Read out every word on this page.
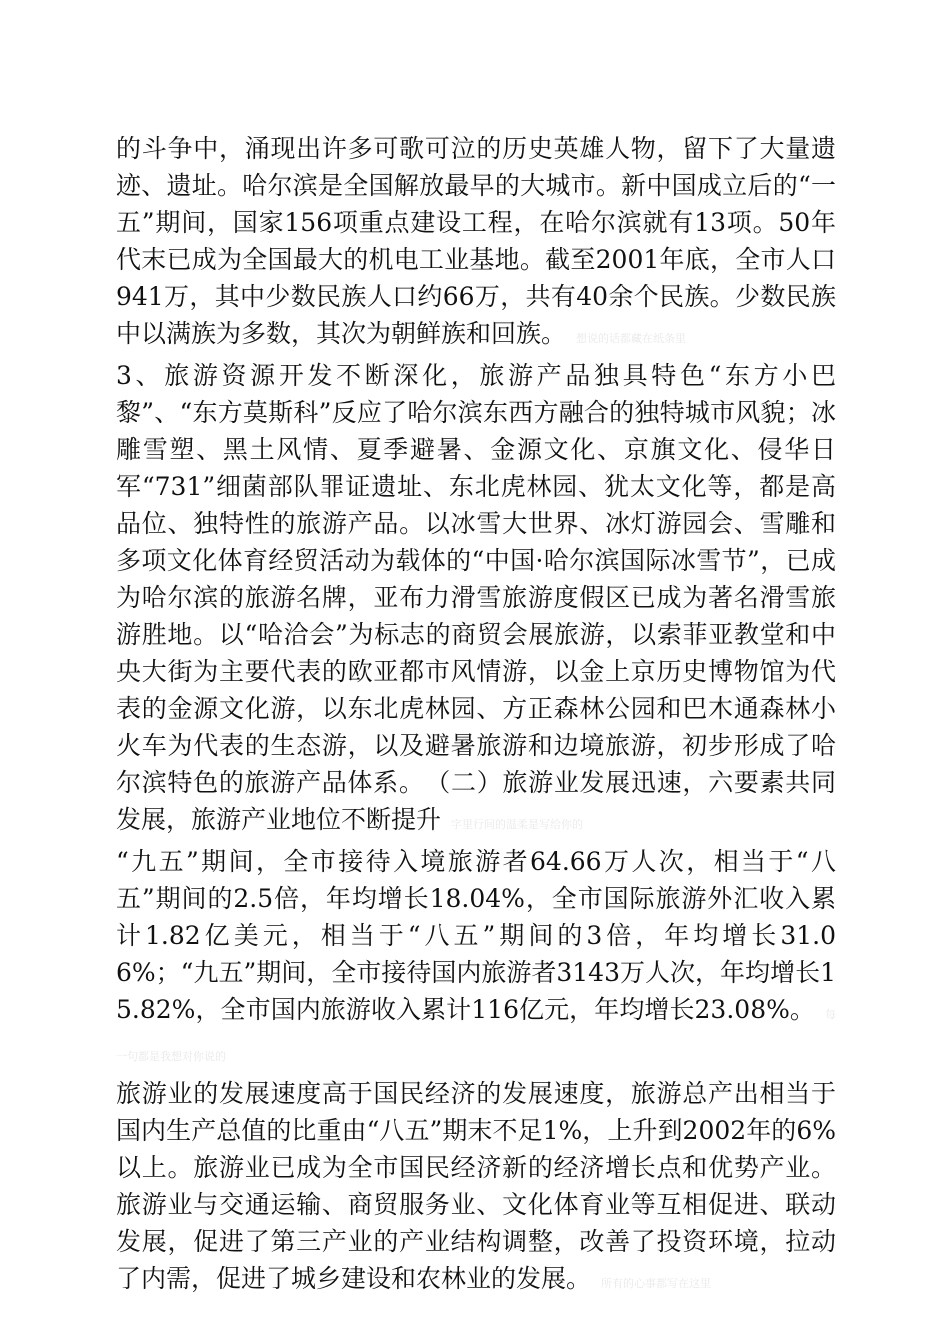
的斗争中，涌现出许多可歌可泣的历史英雄人物，留下了大量遗迹、遗址。哈尔滨是全国解放最早的大城市。新中国成立后的“一五”期间，国家156项重点建设工程，在哈尔滨就有13项。50年代末已成为全国最大的机电工业基地。截至2001年底，全市人口941万，其中少数民族人口约66万，共有40余个民族。少数民族中以满族为多数，其次为朝鲜族和回族。 想说的话都藏在纸条里

3、旅游资源开发不断深化，旅游产品独具特色“东方小巴黎”、“东方莫斯科”反应了哈尔滨东西方融合的独特城市风貌；冰雕雪塑、黑土风情、夏季避暑、金源文化、京旗文化、侵华日军“731”细菌部队罪证遗址、东北虎林园、犹太文化等，都是高品位、独特性的旅游产品。以冰雪大世界、冰灯游园会、雪雕和多项文化体育经贸活动为载体的“中国·哈尔滨国际冰雪节”，已成为哈尔滨的旅游名牌，亚布力滑雪旅游度假区已成为著名滑雪旅游胜地。以“哈洽会”为标志的商贸会展旅游，以索菲亚教堂和中央大街为主要代表的欧亚都市风情游，以金上京历史博物馆为代表的金源文化游，以东北虎林园、方正森林公园和巴木通森林小火车为代表的生态游，以及避暑旅游和边境旅游，初步形成了哈尔滨特色的旅游产品体系。　（二）旅游业发展迅速，六要素共同发展，旅游产业地位不断提升 字里行间的温柔是写给你的

“九五”期间，全市接待入境旅游者64.66万人次，相当于“八五”期间的2.5倍，年均增长18.04%，全市国际旅游外汇收入累计1.82亿美元，相当于“八五”期间的3倍，年均增长31.06%；“九五”期间，全市接待国内旅游者3143万人次，年均增长15.82%，全市国内旅游收入累计116亿元，年均增长23.08%。 每一句都是我想对你说的

旅游业的发展速度高于国民经济的发展速度，旅游总产出相当于国内生产总值的比重由“八五”期末不足1%，上升到2002年的6%以上。旅游业已成为全市国民经济新的经济增长点和优势产业。旅游业与交通运输、商贸服务业、文化体育业等互相促进、联动发展，促进了第三产业的产业结构调整，改善了投资环境，拉动了内需，促进了城乡建设和农林业的发展。 所有的心事都写在这里
